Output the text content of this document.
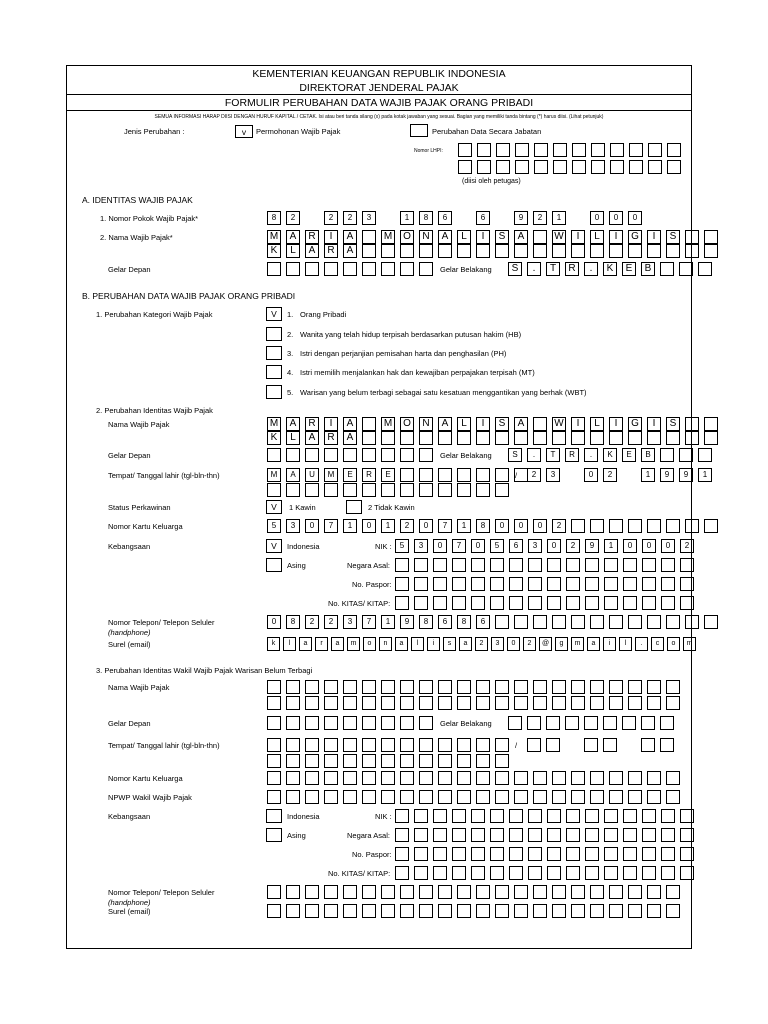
KEMENTERIAN KEUANGAN REPUBLIK INDONESIA
DIREKTORAT JENDERAL PAJAK
FORMULIR PERUBAHAN DATA WAJIB PAJAK ORANG PRIBADI
SEMUA INFORMASI HARAP DIISI DENGAN HURUF KAPITAL / CETAK. Isi atau beri tanda silang (x) pada kotak jawaban yang sesuai. Bagian yang memiliki tanda bintang (*) harus diisi. (Lihat petunjuk)
Jenis Perubahan :	v	Permohonan Wajib Pajak	Perubahan Data Secara Jabatan
Nomor LHPI:
(diisi oleh petugas)
A. IDENTITAS WAJIB PAJAK
1. Nomor Pokok Wajib Pajak*	8	2	2	2	3	1	8	6	6	9	2	1	0	0	0
2. Nama Wajib Pajak*	M	A	R	I	A	M	O	N	A	L	I	S	A	W	I	L	I	G	I	S
K	L	A	R	A
Gelar Depan	Gelar Belakang	S	.	T	R	.	K	E	B
B. PERUBAHAN DATA WAJIB PAJAK ORANG PRIBADI
1. Perubahan Kategori Wajib Pajak	V	1. Orang Pribadi
2. Wanita yang telah hidup terpisah berdasarkan putusan hakim (HB)
3. Istri dengan perjanjian pemisahan harta dan penghasilan (PH)
4. Istri memilih menjalankan hak dan kewajiban perpajakan terpisah (MT)
5. Warisan yang belum terbagi sebagai satu kesatuan menggantikan yang berhak (WBT)
2. Perubahan Identitas Wajib Pajak
Nama Wajib Pajak	M	A	R	I	A	M	O	N	A	L	I	S	A	W	I	L	I	G	I	S
K	L	A	R	A
Gelar Depan	Gelar Belakang	S	.	T	R	.	K	E	B
Tempat/ Tanggal lahir (tgl-bln-thn)	M	A	U	M	E	R	E	/	2	3	0	2	1	9	9	1
Status Perkawinan	V	1 Kawin	2 Tidak Kawin
Nomor Kartu Keluarga	5	3	0	7	1	0	1	2	0	7	1	8	0	0	0	2
Kebangsaan	V	Indonesia	NIK :	5	3	0	7	0	5	6	3	0	2	9	1	0	0	0	2
Asing	Negara Asal:
No. Paspor:
No. KITAS/ KITAP:
Nomor Telepon/ Telepon Seluler
(handphone)
0	8	2	2	3	7	1	9	8	6	8	6
Surel (email)	k	l	a	r	a	m	o	n	a	l	i	s	a	2	3	0	2	@	g	m	a	i	l	.	c	o	m
3. Perubahan Identitas Wakil Wajib Pajak Warisan Belum Terbagi
Nama Wajib Pajak
Gelar Depan	Gelar Belakang
Tempat/ Tanggal lahir (tgl-bln-thn)	/
Nomor Kartu Keluarga
NPWP Wakil Wajib Pajak
Kebangsaan	Indonesia	NIK :
Asing	Negara Asal:
No. Paspor:
No. KITAS/ KITAP:
Nomor Telepon/ Telepon Seluler
(handphone)
Surel (email)
